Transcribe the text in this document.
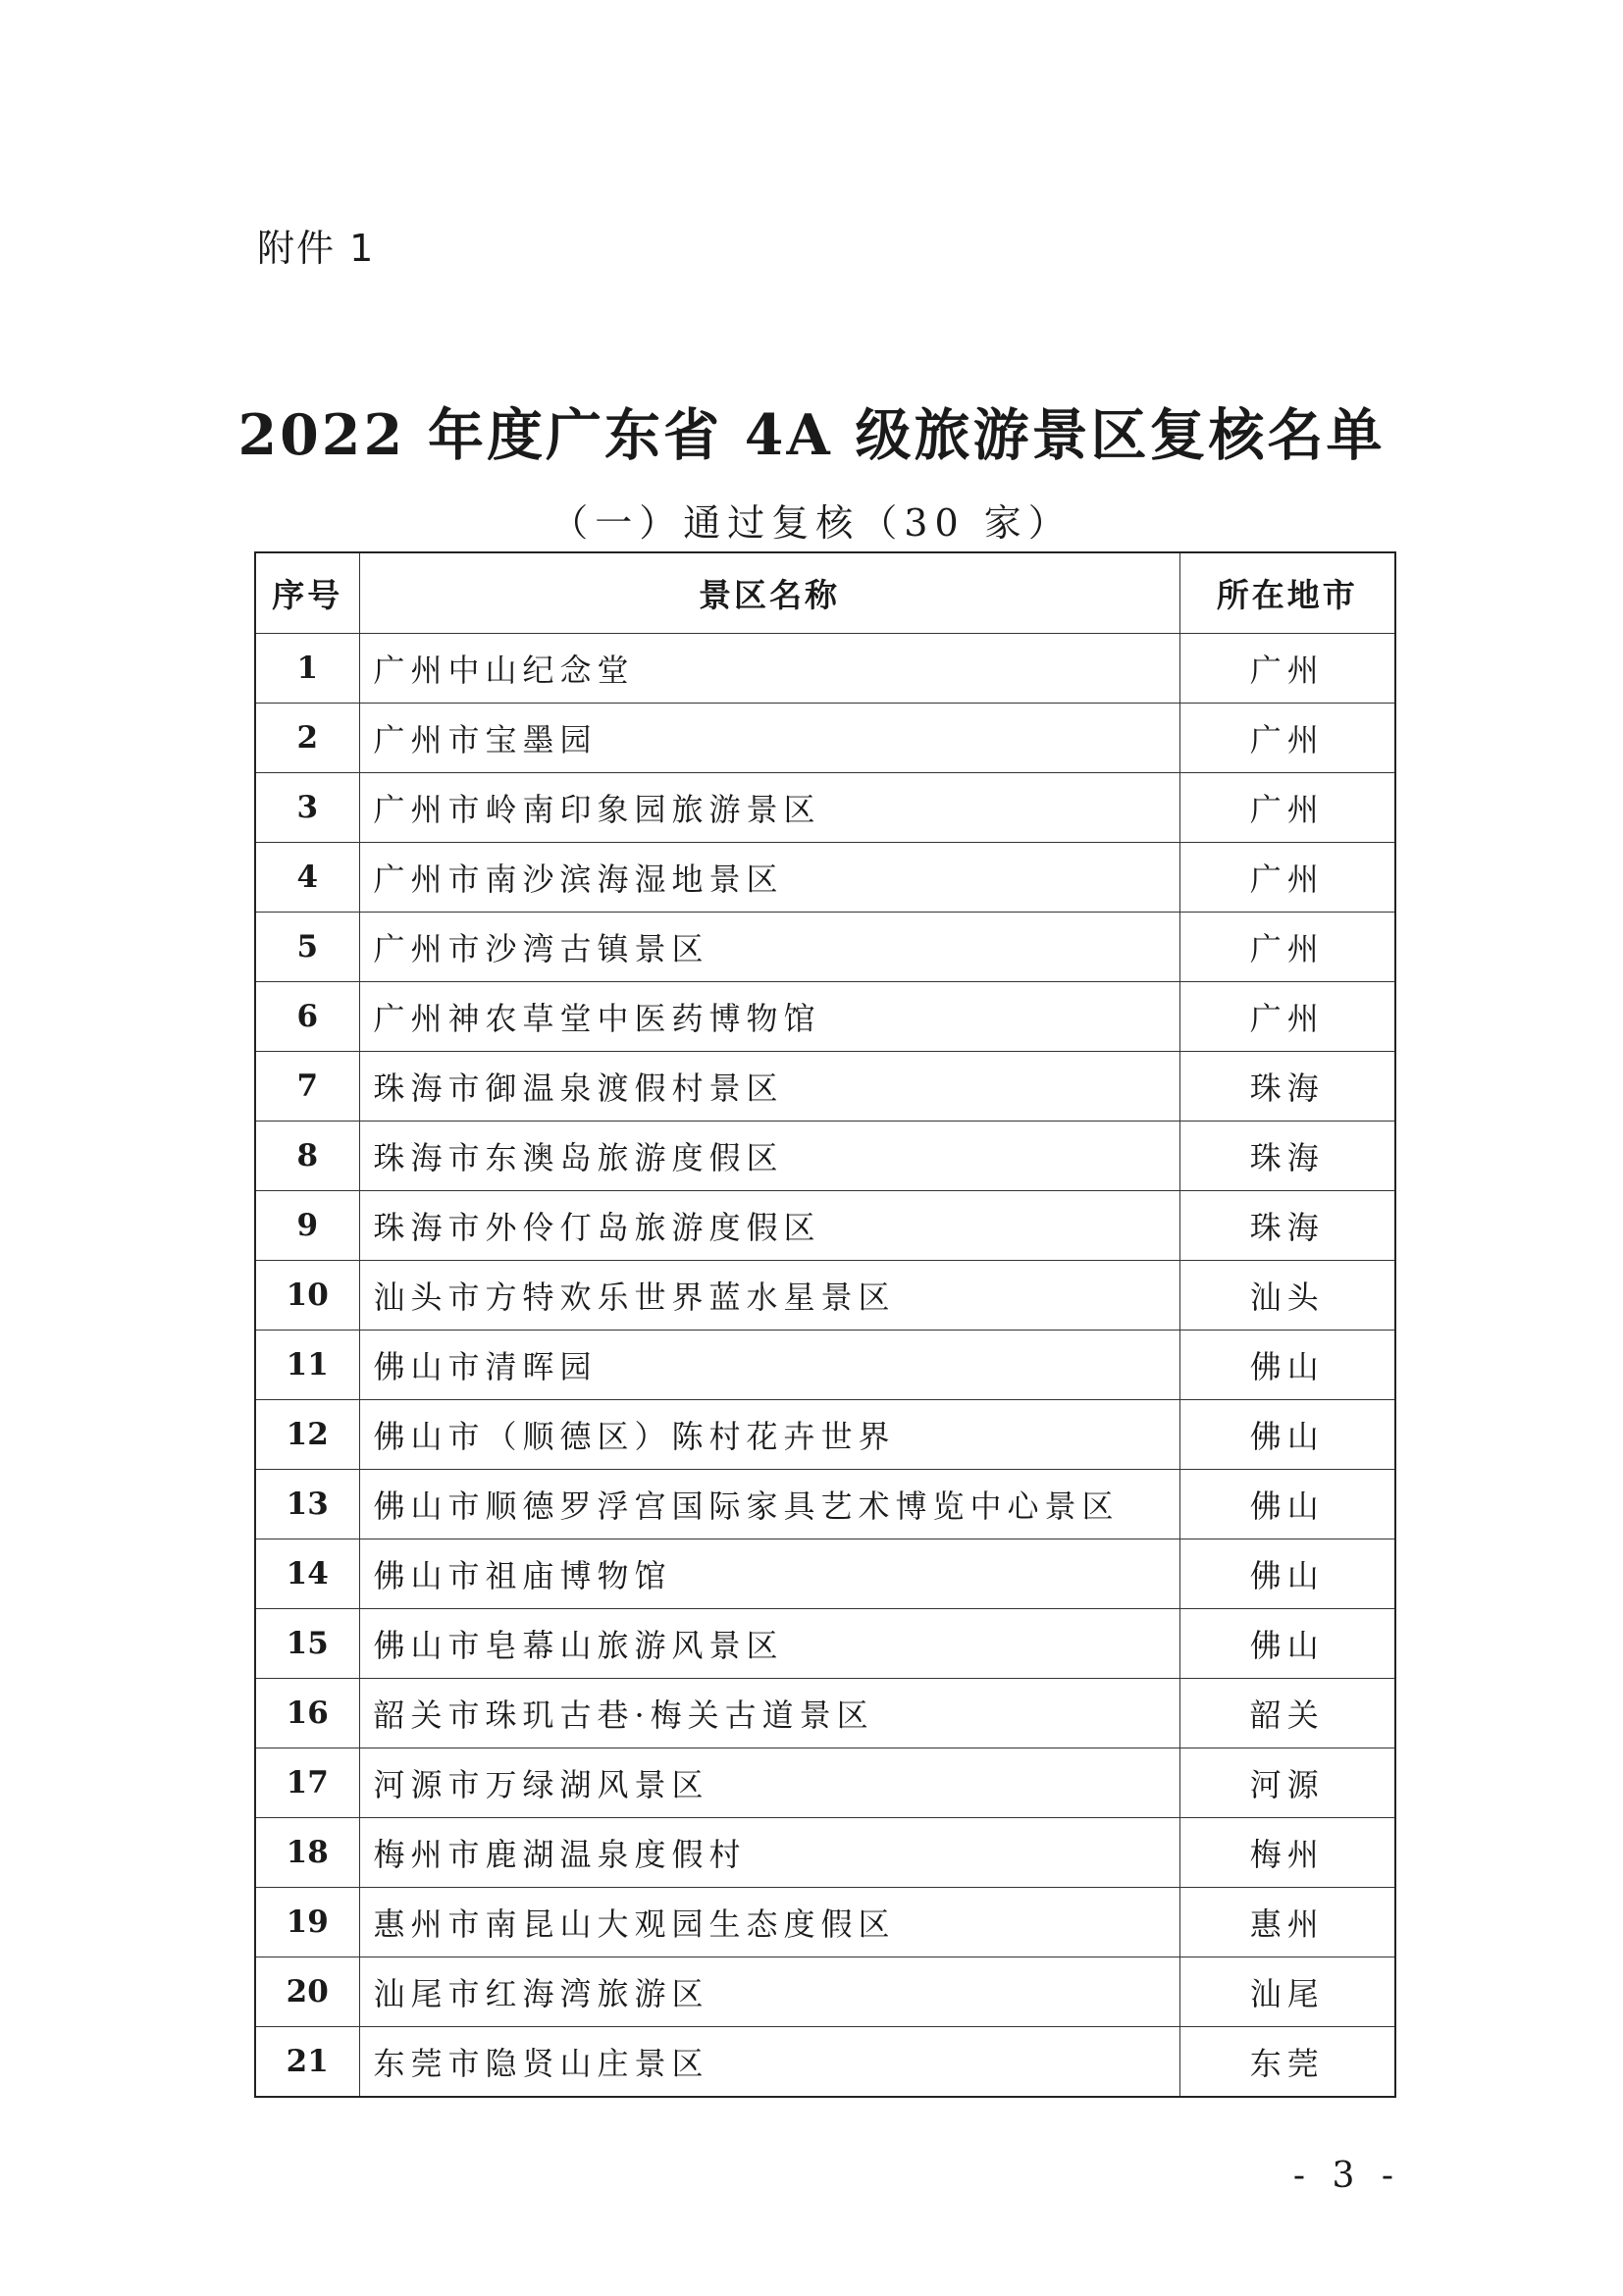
附件 1
2022 年度广东省 4A 级旅游景区复核名单
（一）通过复核（30 家）
序号	景区名称	所在地市
1	广州中山纪念堂	广州
2	广州市宝墨园	广州
3	广州市岭南印象园旅游景区	广州
4	广州市南沙滨海湿地景区	广州
5	广州市沙湾古镇景区	广州
6	广州神农草堂中医药博物馆	广州
7	珠海市御温泉渡假村景区	珠海
8	珠海市东澳岛旅游度假区	珠海
9	珠海市外伶仃岛旅游度假区	珠海
10	汕头市方特欢乐世界蓝水星景区	汕头
11	佛山市清晖园	佛山
12	佛山市（顺德区）陈村花卉世界	佛山
13	佛山市顺德罗浮宫国际家具艺术博览中心景区	佛山
14	佛山市祖庙博物馆	佛山
15	佛山市皂幕山旅游风景区	佛山
16	韶关市珠玑古巷·梅关古道景区	韶关
17	河源市万绿湖风景区	河源
18	梅州市鹿湖温泉度假村	梅州
19	惠州市南昆山大观园生态度假区	惠州
20	汕尾市红海湾旅游区	汕尾
21	东莞市隐贤山庄景区	东莞
- 3 -
